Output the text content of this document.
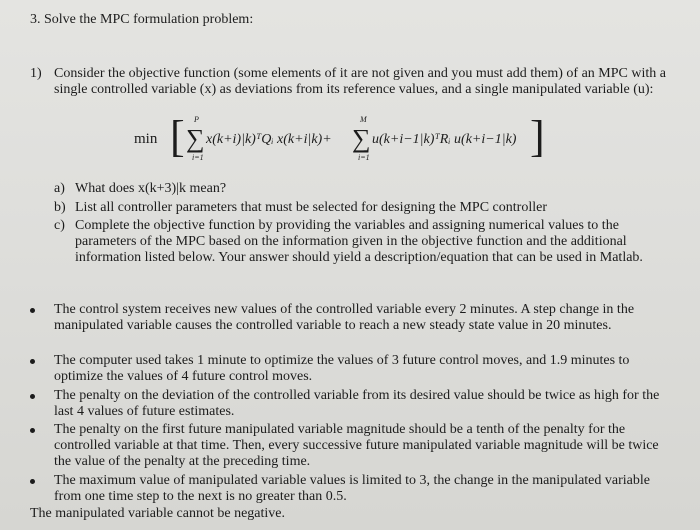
3. Solve the MPC formulation problem:
1) Consider the objective function (some elements of it are not given and you must add them) of an MPC with a single controlled variable (x) as deviations from its reference values, and a single manipulated variable (u):
min [ P
∑
i=1
x(k+i)|k)ᵀQᵢ x(k+i|k)+
M
∑
i=1
u(k+i−1|k)ᵀRᵢ u(k+i−1|k) ]
a) What does x(k+3)|k mean?
b) List all controller parameters that must be selected for designing the MPC controller
c) Complete the objective function by providing the variables and assigning numerical values to the parameters of the MPC based on the information given in the objective function and the additional information listed below. Your answer should yield a description/equation that can be used in Matlab.
The control system receives new values of the controlled variable every 2 minutes. A step change in the manipulated variable causes the controlled variable to reach a new steady state value in 20 minutes.
The computer used takes 1 minute to optimize the values of 3 future control moves, and 1.9 minutes to optimize the values of 4 future control moves.
The penalty on the deviation of the controlled variable from its desired value should be twice as high for the last 4 values of future estimates.
The penalty on the first future manipulated variable magnitude should be a tenth of the penalty for the controlled variable at that time. Then, every successive future manipulated variable magnitude will be twice the value of the penalty at the preceding time.
The maximum value of manipulated variable values is limited to 3, the change in the manipulated variable from one time step to the next is no greater than 0.5.
The manipulated variable cannot be negative.
